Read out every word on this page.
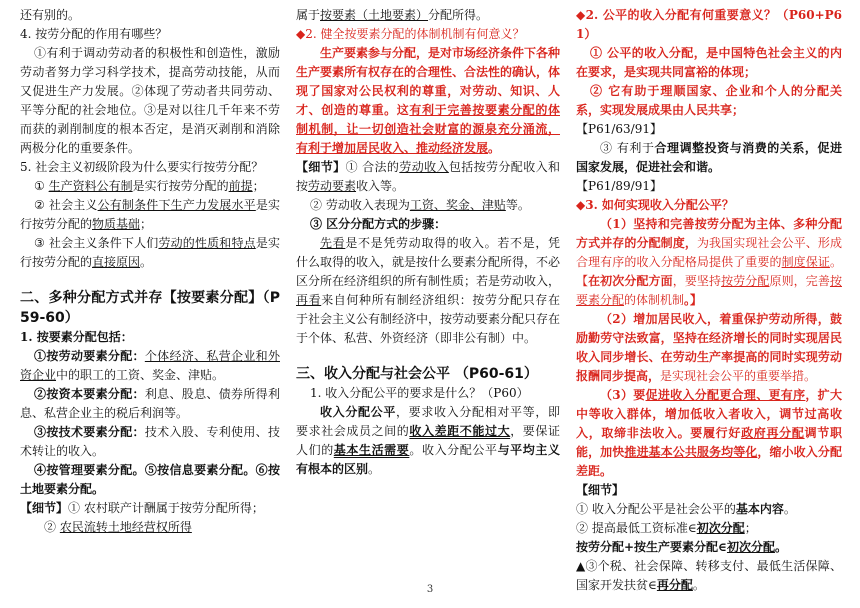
还有别的。

4. 按劳分配的作用有哪些？

①有利于调动劳动者的积极性和创造性，激励劳动者努力学习科学技术，提高劳动技能，从而又促进生产力发展。②体现了劳动者共同劳动、平等分配的社会地位。③是对以往几千年来不劳而获的剥削制度的根本否定，是消灭剥削和消除两极分化的重要条件。

5. 社会主义初级阶段为什么要实行按劳分配？

① 生产资料公有制是实行按劳分配的前提；

② 社会主义公有制条件下生产力发展水平是实行按劳分配的物质基础；

③ 社会主义条件下人们劳动的性质和特点是实行按劳分配的直接原因。

二、多种分配方式并存【按要素分配】（P59-60）

1. 按要素分配包括：

①按劳动要素分配：个体经济、私营企业和外资企业中的职工的工资、奖金、津贴。

②按资本要素分配：利息、股息、债券所得利息、私营企业主的税后利润等。

③按技术要素分配：技术入股、专利使用、技术转让的收入。

④按管理要素分配。⑤按信息要素分配。⑥按土地要素分配。

【细节】① 农村联产计酬属于按劳分配所得；

② 农民流转土地经营权所得

属于按要素（土地要素）分配所得。

◆2. 健全按要素分配的体制机制有何意义？

生产要素参与分配，是对市场经济条件下各种生产要素所有权存在的合理性、合法性的确认，体现了国家对公民权利的尊重，对劳动、知识、人才、创造的尊重。这有利于完善按要素分配的体制机制，让一切创造社会财富的源泉充分涌流，有利于增加居民收入、推动经济发展。

【细节】① 合法的劳动收入包括按劳分配收入和按劳动要素收入等。

② 劳动收入表现为工资、奖金、津贴等。

③ 区分分配方式的步骤：

先看是不是凭劳动取得的收入。若不是，凭什么取得的收入，就是按什么要素分配所得，不必区分所在经济组织的所有制性质；若是劳动收入，再看来自何种所有制经济组织：按劳分配只存在于社会主义公有制经济中，按劳动要素分配只存在于个体、私营、外资经济（即非公有制）中。

三、收入分配与社会公平 （P60-61）

1. 收入分配公平的要求是什么？（P60）

收入分配公平，要求收入分配相对平等，即要求社会成员之间的收入差距不能过大，要保证人们的基本生活需要。收入分配公平与平均主义有根本的区别。

◆2. 公平的收入分配有何重要意义？（P60+P61）

① 公平的收入分配，是中国特色社会主义的内在要求，是实现共同富裕的体现；

② 它有助于理顺国家、企业和个人的分配关系，实现发展成果由人民共享；

【P61/63/91】

③ 有利于合理调整投资与消费的关系，促进国家发展，促进社会和谐。

【P61/89/91】

◆3. 如何实现收入分配公平？

（1）坚持和完善按劳分配为主体、多种分配方式并存的分配制度，为我国实现社会公平、形成合理有序的收入分配格局提供了重要的制度保证。【在初次分配方面，要坚持按劳分配原则，完善按要素分配的体制机制。】

（2）增加居民收入，着重保护劳动所得，鼓励勤劳守法致富，坚持在经济增长的同时实现居民收入同步增长、在劳动生产率提高的同时实现劳动报酬同步提高，是实现社会公平的重要举措。

（3）要促进收入分配更合理、更有序，扩大中等收入群体，增加低收入者收入，调节过高收入，取缔非法收入。要履行好政府再分配调节职能，加快推进基本公共服务均等化，缩小收入分配差距。

【细节】

① 收入分配公平是社会公平的基本内容。

② 提高最低工资标准∈初次分配；

按劳分配+按生产要素分配∈初次分配。

▲③个税、社会保障、转移支付、最低生活保障、国家开发扶贫∈再分配。

3
